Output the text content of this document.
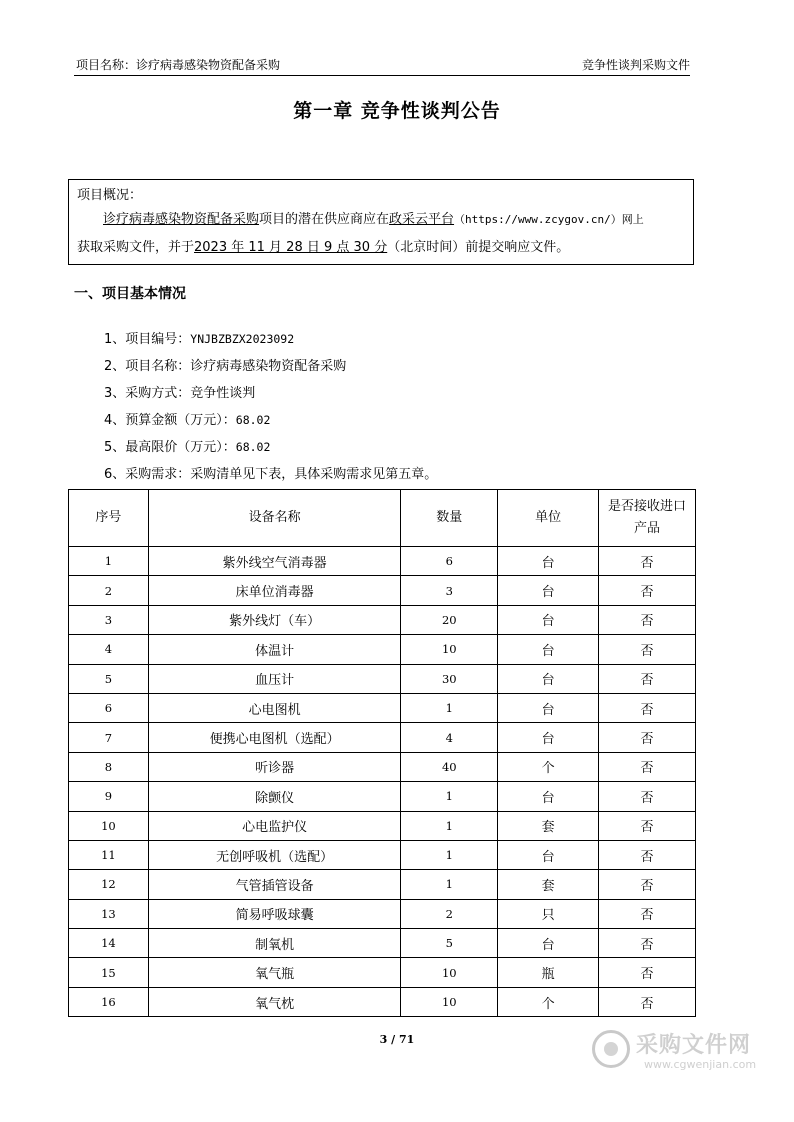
项目名称：诊疗病毒感染物资配备采购	竞争性谈判采购文件
第一章 竞争性谈判公告
项目概况：
诊疗病毒感染物资配备采购项目的潜在供应商应在政采云平台（https://www.zcygov.cn/）网上
获取采购文件，并于2023 年 11 月 28 日 9 点 30 分（北京时间）前提交响应文件。
一、项目基本情况
1、项目编号：YNJBZBZX2023092
2、项目名称：诊疗病毒感染物资配备采购
3、采购方式：竞争性谈判
4、预算金额（万元）：68.02
5、最高限价（万元）：68.02
6、采购需求：采购清单见下表，具体采购需求见第五章。
序号	设备名称	数量	单位	是否接收进口产品
1	紫外线空气消毒器	6	台	否
2	床单位消毒器	3	台	否
3	紫外线灯（车）	20	台	否
4	体温计	10	台	否
5	血压计	30	台	否
6	心电图机	1	台	否
7	便携心电图机（选配）	4	台	否
8	听诊器	40	个	否
9	除颤仪	1	台	否
10	心电监护仪	1	套	否
11	无创呼吸机（选配）	1	台	否
12	气管插管设备	1	套	否
13	简易呼吸球囊	2	只	否
14	制氧机	5	台	否
15	氧气瓶	10	瓶	否
16	氧气枕	10	个	否
3 / 71	采购文件网
www.cgwenjian.com
